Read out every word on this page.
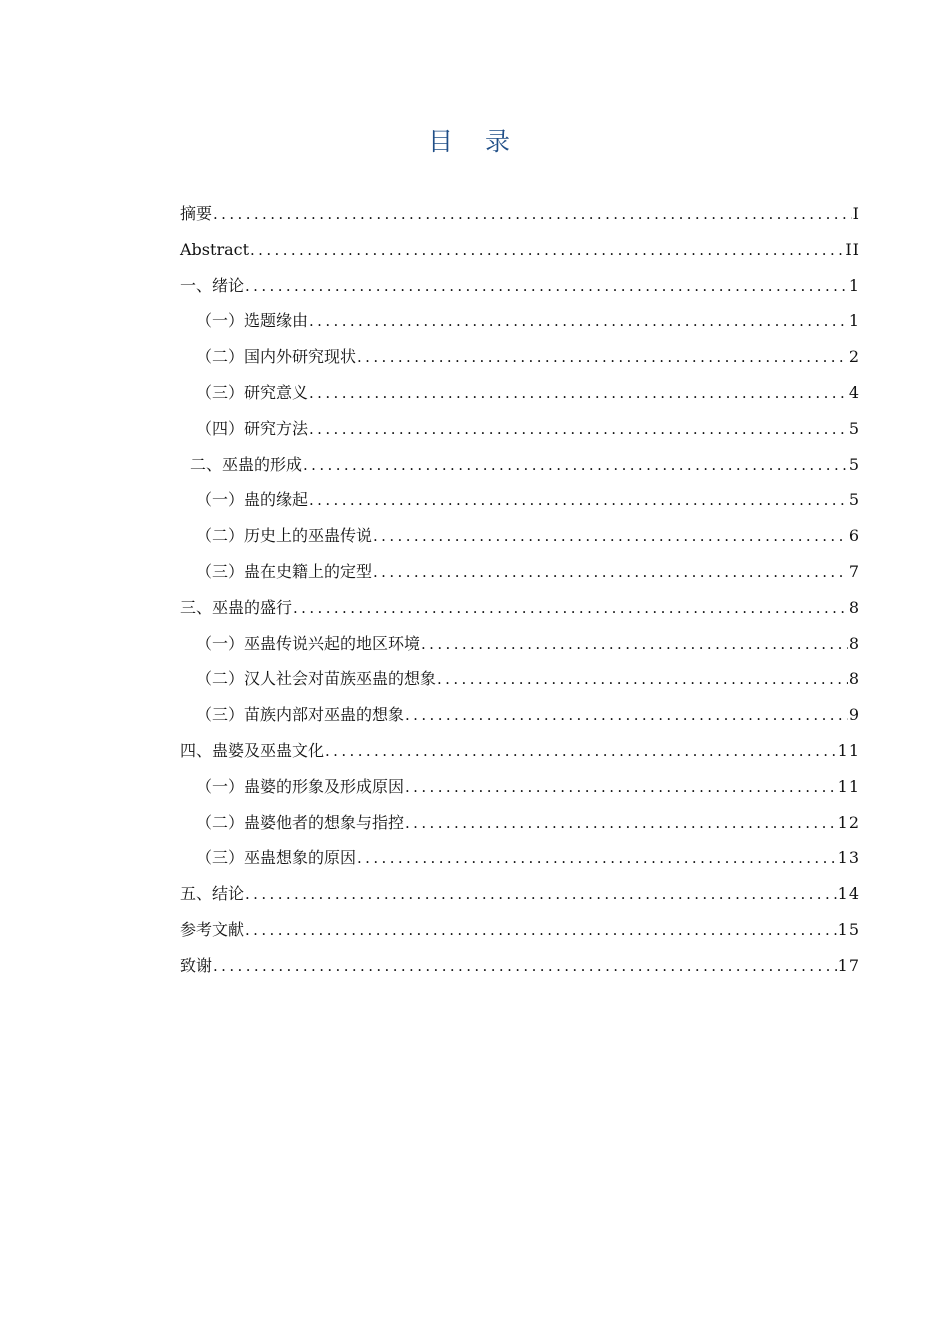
目 录
摘要 .....	I
Abstract .....	II
一、绪论 .....	1
（一）选题缘由 .....	1
（二）国内外研究现状 .....	2
（三）研究意义 .....	4
（四）研究方法 .....	5
二、巫蛊的形成 .....	5
（一）蛊的缘起 .....	5
（二）历史上的巫蛊传说 .....	6
（三）蛊在史籍上的定型 .....	7
三、巫蛊的盛行 .....	8
（一）巫蛊传说兴起的地区环境 .....	8
（二）汉人社会对苗族巫蛊的想象 .....	8
（三）苗族内部对巫蛊的想象 .....	9
四、蛊婆及巫蛊文化 .....	11
（一）蛊婆的形象及形成原因 .....	11
（二）蛊婆他者的想象与指控 .....	12
（三）巫蛊想象的原因 .....	13
五、结论 .....	14
参考文献 .....	15
致谢 .....	17
